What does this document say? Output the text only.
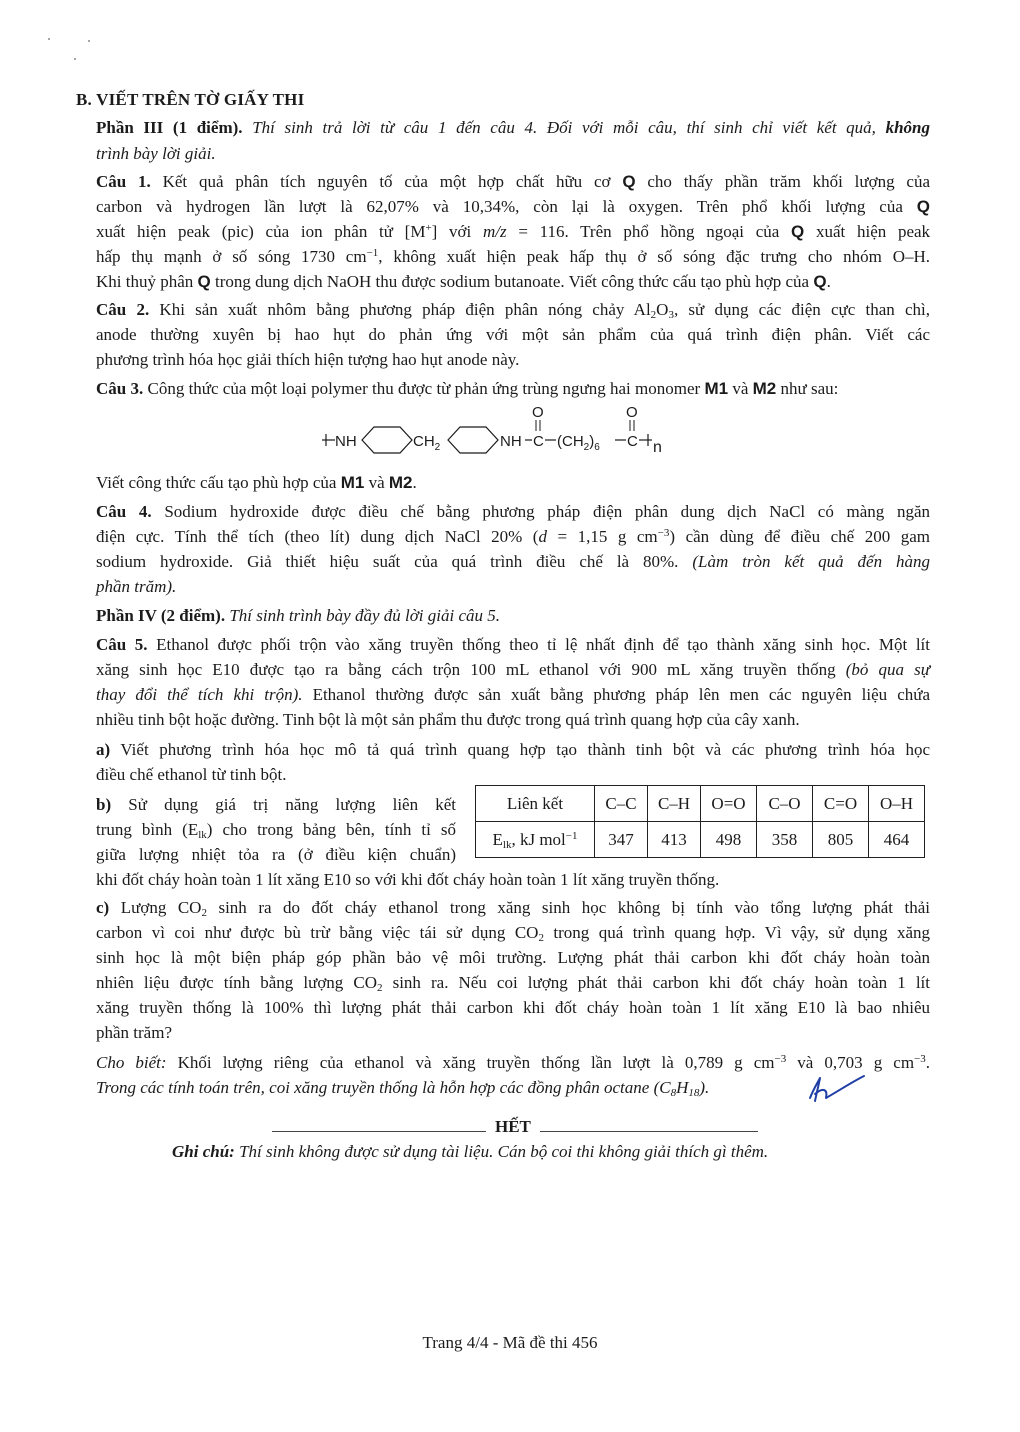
B. VIẾT TRÊN TỜ GIẤY THI
Phần III (1 điểm). Thí sinh trả lời từ câu 1 đến câu 4. Đối với mỗi câu, thí sinh chỉ viết kết quả, không
trình bày lời giải.
Câu 1. Kết quả phân tích nguyên tố của một hợp chất hữu cơ Q cho thấy phần trăm khối lượng của
carbon và hydrogen lần lượt là 62,07% và 10,34%, còn lại là oxygen. Trên phổ khối lượng của Q
xuất hiện peak (pic) của ion phân tử [M+] với m/z = 116. Trên phổ hồng ngoại của Q xuất hiện peak
hấp thụ mạnh ở số sóng 1730 $cm^{-1}$, không xuất hiện peak hấp thụ ở số sóng đặc trưng cho nhóm O–H.
Khi thuỷ phân Q trong dung dịch NaOH thu được sodium butanoate. Viết công thức cấu tạo phù hợp của Q.
Câu 2. Khi sản xuất nhôm bằng phương pháp điện phân nóng chảy $Al_2O_3$, sử dụng các điện cực than chì,
anode thường xuyên bị hao hụt do phản ứng với một sản phẩm của quá trình điện phân. Viết các
phương trình hóa học giải thích hiện tượng hao hụt anode này.
Câu 3. Công thức của một loại polymer thu được từ phản ứng trùng ngưng hai monomer M1 và M2 như sau:
NH	$CH_2$	NH C
O
$(CH_2)_6$ C
O
n
Viết công thức cấu tạo phù hợp của M1 và M2.
Câu 4. Sodium hydroxide được điều chế bằng phương pháp điện phân dung dịch NaCl có màng ngăn
điện cực. Tính thể tích (theo lít) dung dịch NaCl 20% (d = 1,15 g $cm^{-3}$) cần dùng để điều chế 200 gam
sodium hydroxide. Giả thiết hiệu suất của quá trình điều chế là 80%. (Làm tròn kết quả đến hàng
phần trăm).
Phần IV (2 điểm). Thí sinh trình bày đầy đủ lời giải câu 5.
Câu 5. Ethanol được phối trộn vào xăng truyền thống theo tỉ lệ nhất định để tạo thành xăng sinh học. Một lít
xăng sinh học E10 được tạo ra bằng cách trộn 100 mL ethanol với 900 mL xăng truyền thống (bỏ qua sự
thay đổi thể tích khi trộn). Ethanol thường được sản xuất bằng phương pháp lên men các nguyên liệu chứa
nhiều tinh bột hoặc đường. Tinh bột là một sản phẩm thu được trong quá trình quang hợp của cây xanh.
a) Viết phương trình hóa học mô tả quá trình quang hợp tạo thành tinh bột và các phương trình hóa học
điều chế ethanol từ tinh bột.
b) Sử dụng giá trị năng lượng liên kết
trung bình $(E_{lk})$ cho trong bảng bên, tính tỉ số
giữa lượng nhiệt tỏa ra (ở điều kiện chuẩn)
khi đốt cháy hoàn toàn 1 lít xăng E10 so với khi đốt cháy hoàn toàn 1 lít xăng truyền thống.
Liên kết	C–C	C–H	O=O	C–O	C=O	O–H
$E_{lk}$, kJ mol$^{-1}$	347	413	498	358	805	464
c) Lượng $CO_2$ sinh ra do đốt cháy ethanol trong xăng sinh học không bị tính vào tổng lượng phát thải
carbon vì coi như được bù trừ bằng việc tái sử dụng $CO_2$ trong quá trình quang hợp. Vì vậy, sử dụng xăng
sinh học là một biện pháp góp phần bảo vệ môi trường. Lượng phát thải carbon khi đốt cháy hoàn toàn
nhiên liệu được tính bằng lượng $CO_2$ sinh ra. Nếu coi lượng phát thải carbon khi đốt cháy hoàn toàn 1 lít
xăng truyền thống là 100% thì lượng phát thải carbon khi đốt cháy hoàn toàn 1 lít xăng E10 là bao nhiêu
phần trăm?
Cho biết: Khối lượng riêng của ethanol và xăng truyền thống lần lượt là 0,789 g $cm^{-3}$ và 0,703 g $cm^{-3}$.
Trong các tính toán trên, coi xăng truyền thống là hỗn hợp các đồng phân octane $(C_8H_{18})$.
HẾT
Ghi chú: Thí sinh không được sử dụng tài liệu. Cán bộ coi thi không giải thích gì thêm.
Trang 4/4 - Mã đề thi 456
